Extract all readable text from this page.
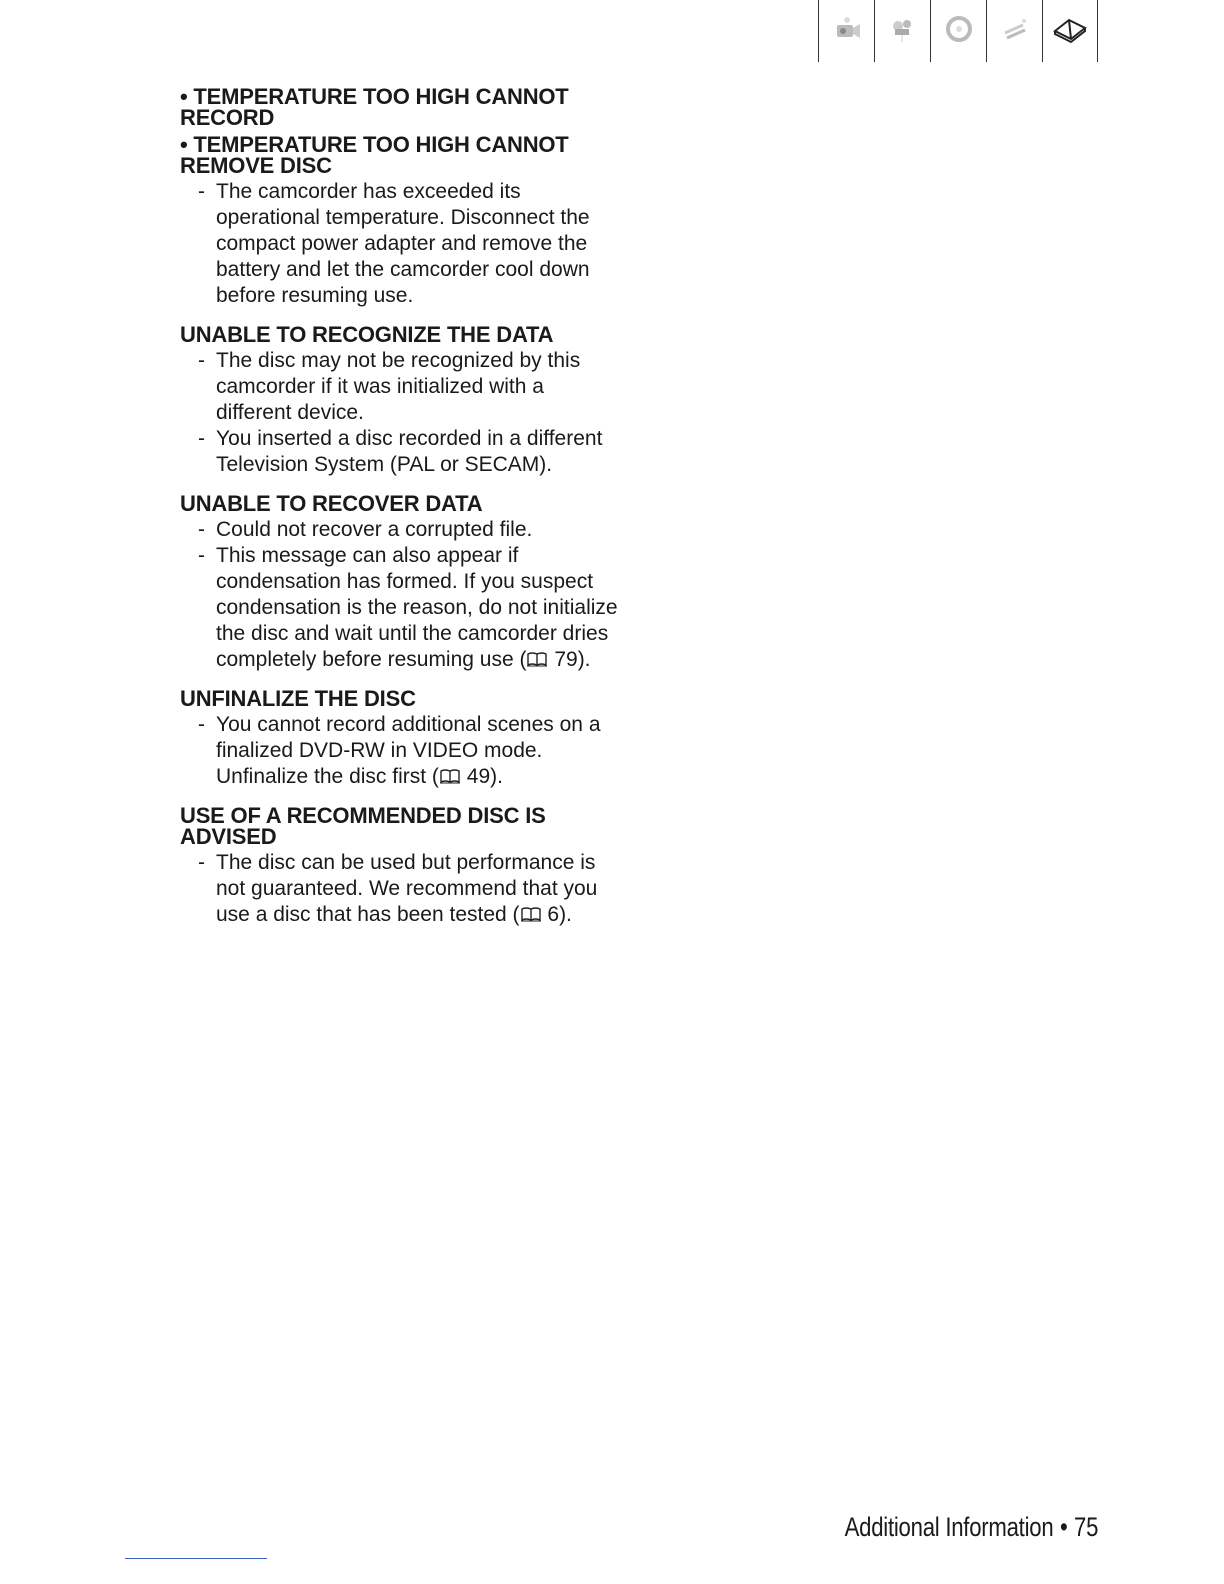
• TEMPERATURE TOO HIGH CANNOT RECORD

• TEMPERATURE TOO HIGH CANNOT REMOVE DISC

- The camcorder has exceeded its operational temperature. Disconnect the compact power adapter and remove the battery and let the camcorder cool down before resuming use.

UNABLE TO RECOGNIZE THE DATA

- The disc may not be recognized by this camcorder if it was initialized with a different device.
- You inserted a disc recorded in a different Television System (PAL or SECAM).

UNABLE TO RECOVER DATA

- Could not recover a corrupted file.
- This message can also appear if condensation has formed. If you suspect condensation is the reason, do not initialize the disc and wait until the camcorder dries completely before resuming use ( 79).

UNFINALIZE THE DISC

- You cannot record additional scenes on a finalized DVD-RW in VIDEO mode. Unfinalize the disc first ( 49).

USE OF A RECOMMENDED DISC IS ADVISED

- The disc can be used but performance is not guaranteed. We recommend that you use a disc that has been tested ( 6).
Additional Information • 75
